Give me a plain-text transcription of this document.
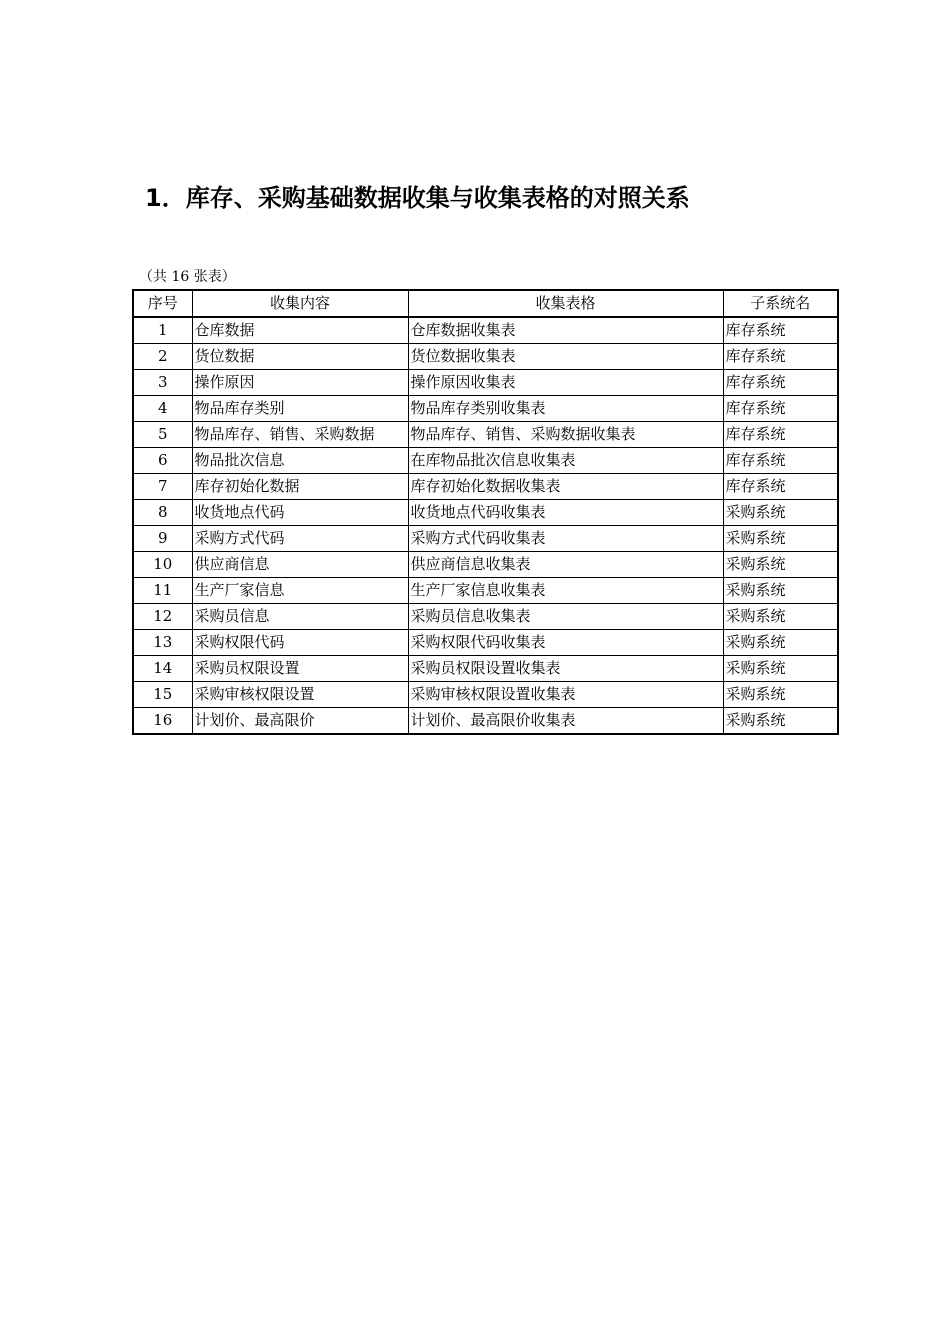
1．库存、采购基础数据收集与收集表格的对照关系
（共 16 张表）
序号	收集内容	收集表格	子系统名
1	仓库数据	仓库数据收集表	库存系统
2	货位数据	货位数据收集表	库存系统
3	操作原因	操作原因收集表	库存系统
4	物品库存类别	物品库存类别收集表	库存系统
5	物品库存、销售、采购数据	物品库存、销售、采购数据收集表	库存系统
6	物品批次信息	在库物品批次信息收集表	库存系统
7	库存初始化数据	库存初始化数据收集表	库存系统
8	收货地点代码	收货地点代码收集表	采购系统
9	采购方式代码	采购方式代码收集表	采购系统
10	供应商信息	供应商信息收集表	采购系统
11	生产厂家信息	生产厂家信息收集表	采购系统
12	采购员信息	采购员信息收集表	采购系统
13	采购权限代码	采购权限代码收集表	采购系统
14	采购员权限设置	采购员权限设置收集表	采购系统
15	采购审核权限设置	采购审核权限设置收集表	采购系统
16	计划价、最高限价	计划价、最高限价收集表	采购系统
